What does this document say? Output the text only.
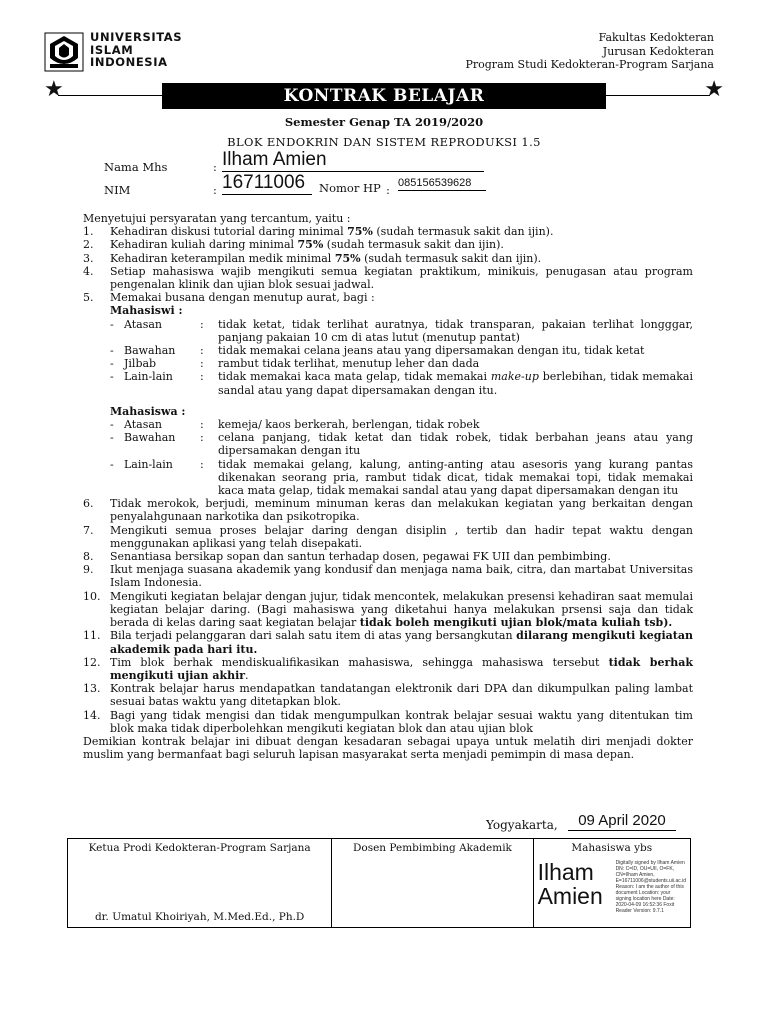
UNIVERSITAS
ISLAM
INDONESIA
Fakultas Kedokteran
Jurusan Kedokteran
Program Studi Kedokteran-Program Sarjana
★	★
KONTRAK BELAJAR
Semester Genap TA 2019/2020
BLOK ENDOKRIN DAN SISTEM REPRODUKSI 1.5
Nama Mhs	: Ilham Amien
NIM	: 16711006	Nomor HP : 085156539628
Menyetujui persyaratan yang tercantum, yaitu :
1.	Kehadiran diskusi tutorial daring minimal 75% (sudah termasuk sakit dan ijin).
2.	Kehadiran kuliah daring minimal 75% (sudah termasuk sakit dan ijin).
3.	Kehadiran keterampilan medik minimal 75% (sudah termasuk sakit dan ijin).
4.	Setiap mahasiswa wajib mengikuti semua kegiatan praktikum, minikuis, penugasan atau program pengenalan klinik dan ujian blok sesuai jadwal.
5.	Memakai busana dengan menutup aurat, bagi :
Mahasiswi :
- Atasan	:	tidak ketat, tidak terlihat auratnya, tidak transparan, pakaian terlihat longggar, panjang pakaian 10 cm di atas lutut (menutup pantat)
- Bawahan	:	tidak memakai celana jeans atau yang dipersamakan dengan itu, tidak ketat
- Jilbab	:	rambut tidak terlihat, menutup leher dan dada
- Lain-lain	:	tidak memakai kaca mata gelap, tidak memakai make-up berlebihan, tidak memakai sandal atau yang dapat dipersamakan dengan itu.
Mahasiswa :
- Atasan	:	kemeja/ kaos berkerah, berlengan, tidak robek
- Bawahan	:	celana panjang, tidak ketat dan tidak robek, tidak berbahan jeans atau yang dipersamakan dengan itu
- Lain-lain	:	tidak memakai gelang, kalung, anting-anting atau asesoris yang kurang pantas dikenakan seorang pria, rambut tidak dicat, tidak memakai topi, tidak memakai kaca mata gelap, tidak memakai sandal atau yang dapat dipersamakan dengan itu
6.	Tidak merokok, berjudi, meminum minuman keras dan melakukan kegiatan yang berkaitan dengan penyalahgunaan narkotika dan psikotropika.
7.	Mengikuti semua proses belajar daring dengan disiplin , tertib dan hadir tepat waktu dengan menggunakan aplikasi yang telah disepakati.
8.	Senantiasa bersikap sopan dan santun terhadap dosen, pegawai FK UII dan pembimbing.
9.	Ikut menjaga suasana akademik yang kondusif dan menjaga nama baik, citra, dan martabat Universitas Islam Indonesia.
10. Mengikuti kegiatan belajar dengan jujur, tidak mencontek, melakukan presensi kehadiran saat memulai kegiatan belajar daring. (Bagi mahasiswa yang diketahui hanya melakukan prsensi saja dan tidak berada di kelas daring saat kegiatan belajar tidak boleh mengikuti ujian blok/mata kuliah tsb).
11. Bila terjadi pelanggaran dari salah satu item di atas yang bersangkutan dilarang mengikuti kegiatan akademik pada hari itu.
12. Tim blok berhak mendiskualifikasikan mahasiswa, sehingga mahasiswa tersebut tidak berhak mengikuti ujian akhir.
13. Kontrak belajar harus mendapatkan tandatangan elektronik dari DPA dan dikumpulkan paling lambat sesuai batas waktu yang ditetapkan blok.
14. Bagi yang tidak mengisi dan tidak mengumpulkan kontrak belajar sesuai waktu yang ditentukan tim blok maka tidak diperbolehkan mengikuti kegiatan blok dan atau ujian blok
Demikian kontrak belajar ini dibuat dengan kesadaran sebagai upaya untuk melatih diri menjadi dokter muslim yang bermanfaat bagi seluruh lapisan masyarakat serta menjadi pemimpin di masa depan.
Yogyakarta,	09 April 2020
Ketua Prodi Kedokteran-Program Sarjana
dr. Umatul Khoiriyah, M.Med.Ed., Ph.D

Dosen Pembimbing Akademik	Mahasiswa ybs
Ilham
Amien
Digitally signed by Ilham Amien DN: C=ID, OU=UII, O=FK, CN=Ilham Amien, E=16711006@students.uii.ac.id Reason: I am the author of this document Location: your signing location here Date: 2020-04-09 16:52:36 Foxit Reader Version: 9.7.1
